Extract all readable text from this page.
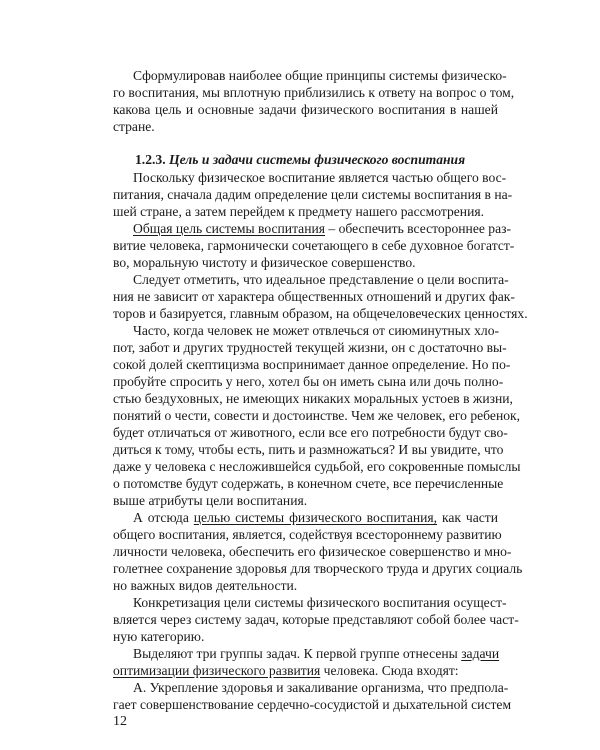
Сформулировав наиболее общие принципы системы физическо-
го воспитания, мы вплотную приблизились к ответу на вопрос о том,
какова цель и основные задачи физического воспитания в нашей
стране.
1.2.3. Цель и задачи системы физического воспитания
Поскольку физическое воспитание является частью общего вос-
питания, сначала дадим определение цели системы воспитания в на-
шей стране, а затем перейдем к предмету нашего рассмотрения.
Общая цель системы воспитания – обеспечить всестороннее раз-
витие человека, гармонически сочетающего в себе духовное богатст-
во, моральную чистоту и физическое совершенство.
Следует отметить, что идеальное представление о цели воспита-
ния не зависит от характера общественных отношений и других фак-
торов и базируется, главным образом, на общечеловеческих ценностях.
Часто, когда человек не может отвлечься от сиюминутных хло-
пот, забот и других трудностей текущей жизни, он с достаточно вы-
сокой долей скептицизма воспринимает данное определение. Но по-
пробуйте спросить у него, хотел бы он иметь сына или дочь полно-
стью бездуховных, не имеющих никаких моральных устоев в жизни,
понятий о чести, совести и достоинстве. Чем же человек, его ребенок,
будет отличаться от животного, если все его потребности будут сво-
диться к тому, чтобы есть, пить и размножаться? И вы увидите, что
даже у человека с несложившейся судьбой, его сокровенные помыслы
о потомстве будут содержать, в конечном счете, все перечисленные
выше атрибуты цели воспитания.
А отсюда целью системы физического воспитания, как части
общего воспитания, является, содействуя всестороннему развитию
личности человека, обеспечить его физическое совершенство и мно-
голетнее сохранение здоровья для творческого труда и других социаль
но важных видов деятельности.
Конкретизация цели системы физического воспитания осущест-
вляется через систему задач, которые представляют собой более част-
ную категорию.
Выделяют три группы задач. К первой группе отнесены задачи
оптимизации физического развития человека. Сюда входят:
А. Укрепление здоровья и закаливание организма, что предпола-
гает совершенствование сердечно-сосудистой и дыхательной систем
12
